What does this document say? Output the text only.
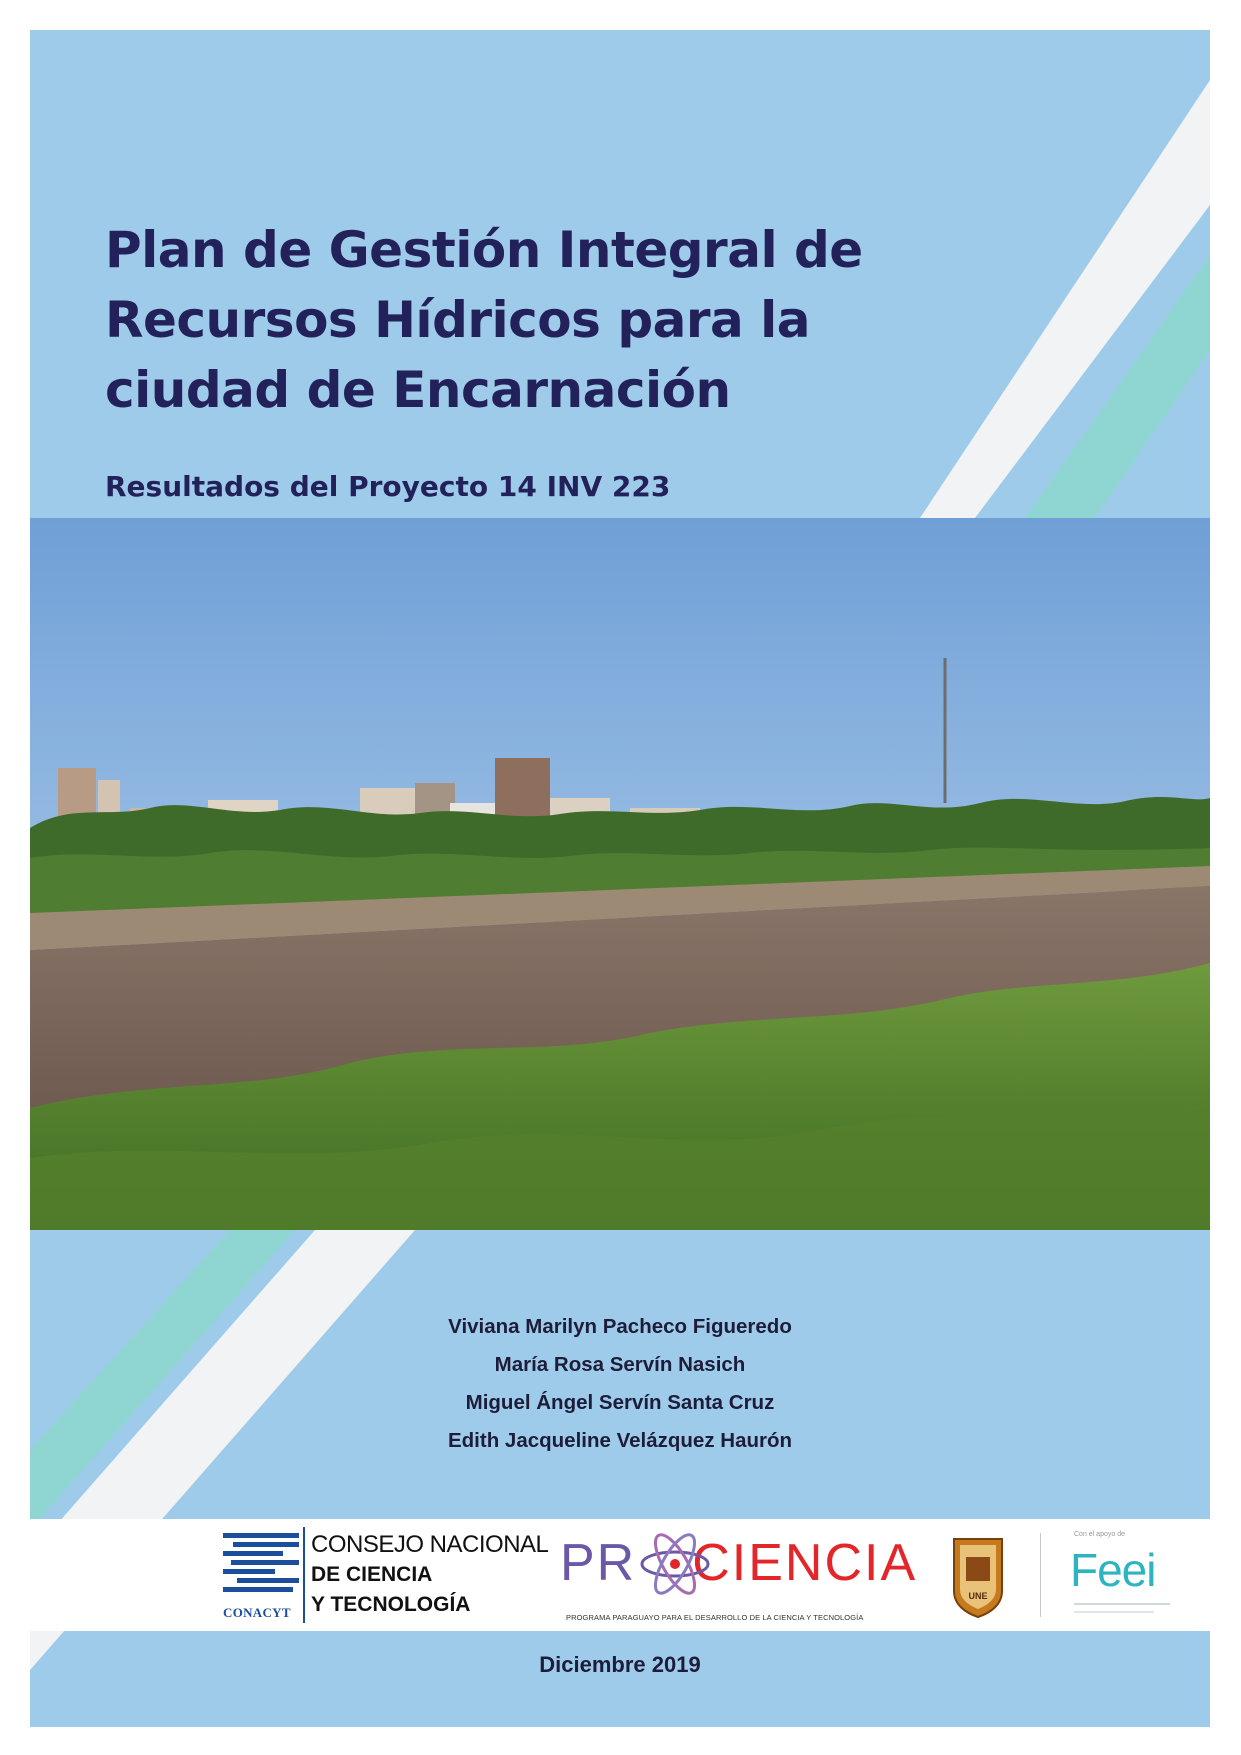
Plan de Gestión Integral de
Recursos Hídricos para la
ciudad de Encarnación
Resultados del Proyecto 14 INV 223
Viviana Marilyn Pacheco Figueredo
María Rosa Servín Nasich
Miguel Ángel Servín Santa Cruz
Edith Jacqueline Velázquez Haurón
CONACYT
CONSEJO NACIONAL
DE CIENCIA
Y TECNOLOGÍA
PR CIENCIA
PROGRAMA PARAGUAYO PARA EL DESARROLLO DE LA CIENCIA Y TECNOLOGÍA
UNE
Con el apoyo de
Feei
Diciembre 2019
